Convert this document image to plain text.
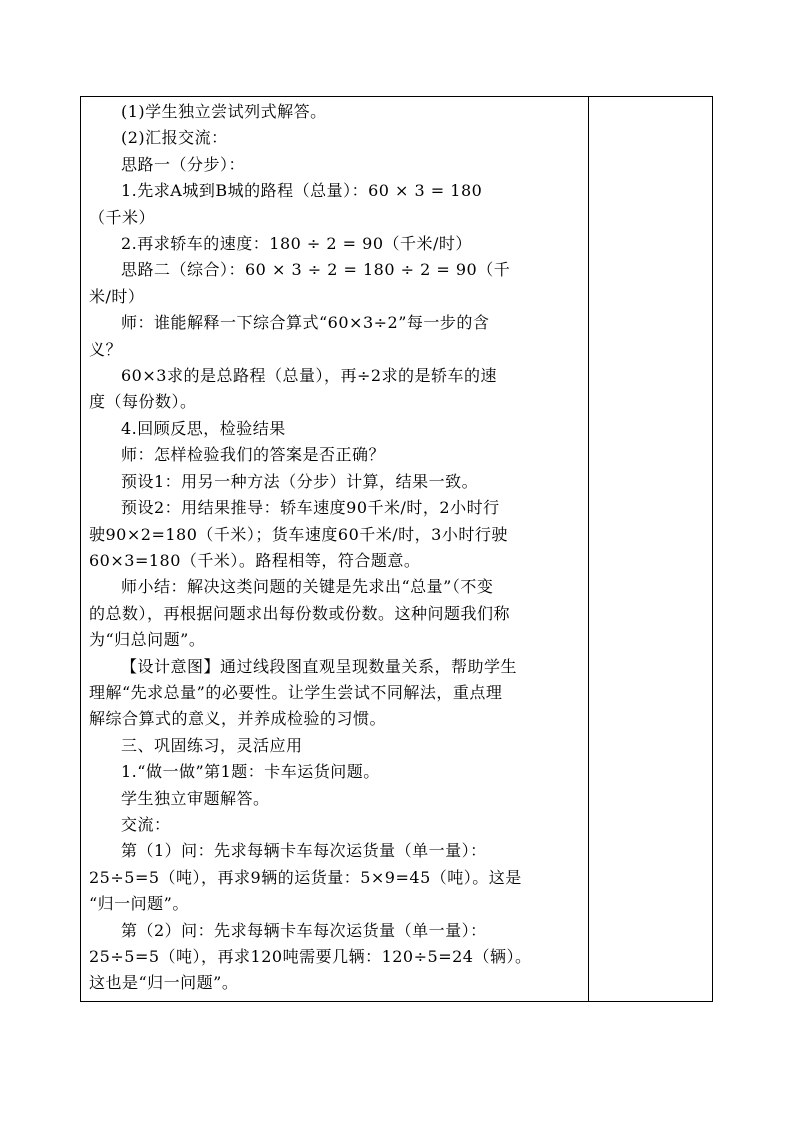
(1)学生独立尝试列式解答。
(2)汇报交流：
思路一（分步）：
1.先求A城到B城的路程（总量）：60 × 3 = 180
（千米）
2.再求轿车的速度：180 ÷ 2 = 90（千米/时）
思路二（综合）：60 × 3 ÷ 2 = 180 ÷ 2 = 90（千
米/时）
师：谁能解释一下综合算式“60×3÷2”每一步的含
义？
60×3求的是总路程（总量），再÷2求的是轿车的速
度（每份数）。
4.回顾反思，检验结果
师：怎样检验我们的答案是否正确？
预设1：用另一种方法（分步）计算，结果一致。
预设2：用结果推导：轿车速度90千米/时，2小时行
驶90×2=180（千米）；货车速度60千米/时，3小时行驶
60×3=180（千米）。路程相等，符合题意。
师小结：解决这类问题的关键是先求出“总量”（不变
的总数），再根据问题求出每份数或份数。这种问题我们称
为“归总问题”。
【设计意图】通过线段图直观呈现数量关系，帮助学生
理解“先求总量”的必要性。让学生尝试不同解法，重点理
解综合算式的意义，并养成检验的习惯。
三、巩固练习，灵活应用
1.“做一做”第1题：卡车运货问题。
学生独立审题解答。
交流：
第（1）问：先求每辆卡车每次运货量（单一量）：
25÷5=5（吨），再求9辆的运货量：5×9=45（吨）。这是
“归一问题”。
第（2）问：先求每辆卡车每次运货量（单一量）：
25÷5=5（吨），再求120吨需要几辆：120÷5=24（辆）。
这也是“归一问题”。
